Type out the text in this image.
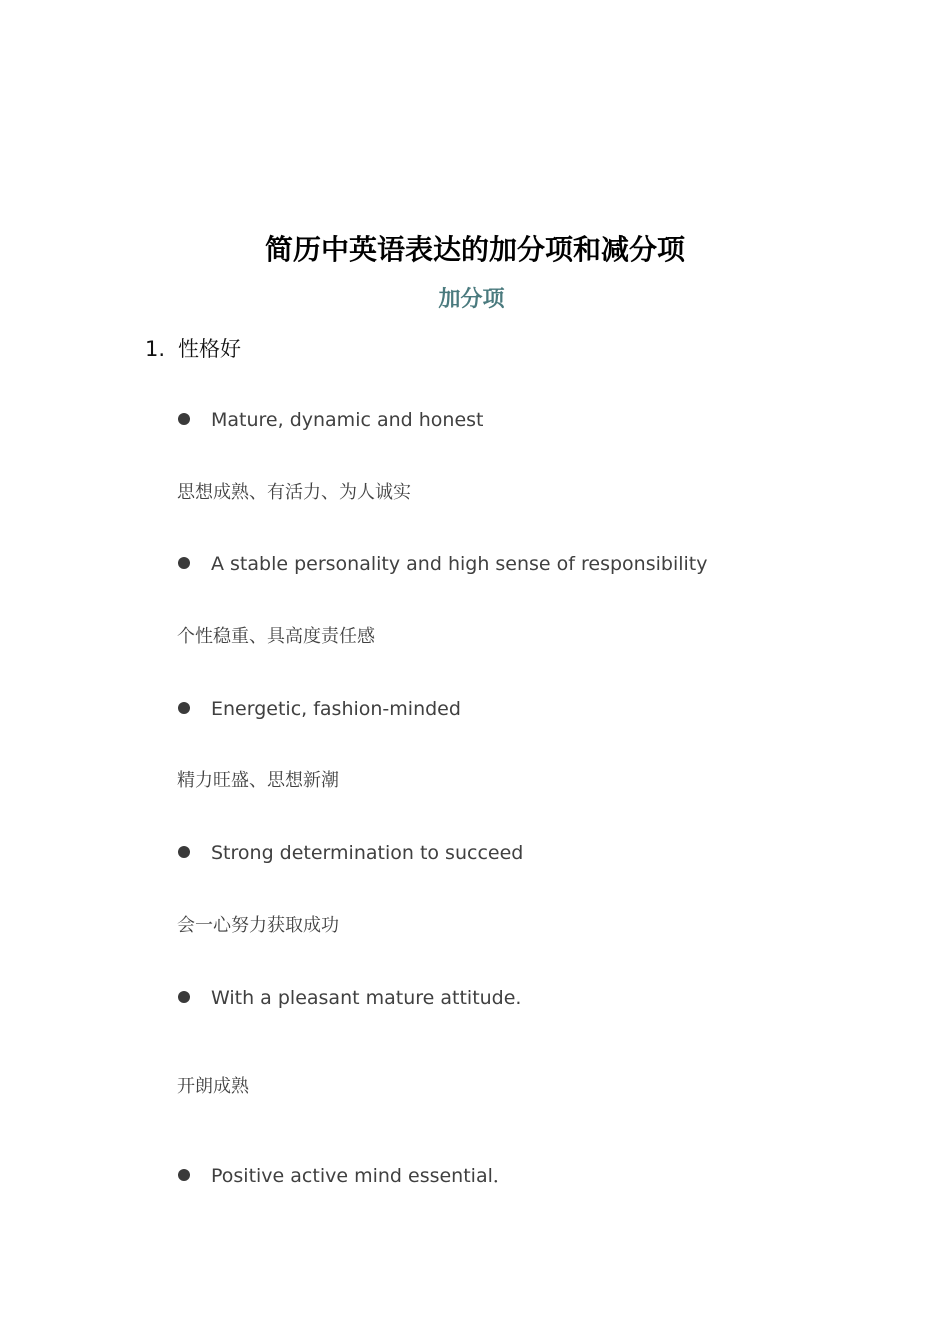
简历中英语表达的加分项和减分项
加分项
1. 性格好
Mature, dynamic and honest
思想成熟、有活力、为人诚实
A stable personality and high sense of responsibility
个性稳重、具高度责任感
Energetic, fashion-minded
精力旺盛、思想新潮
Strong determination to succeed
会一心努力获取成功
With a pleasant mature attitude.
开朗成熟
Positive active mind essential．
